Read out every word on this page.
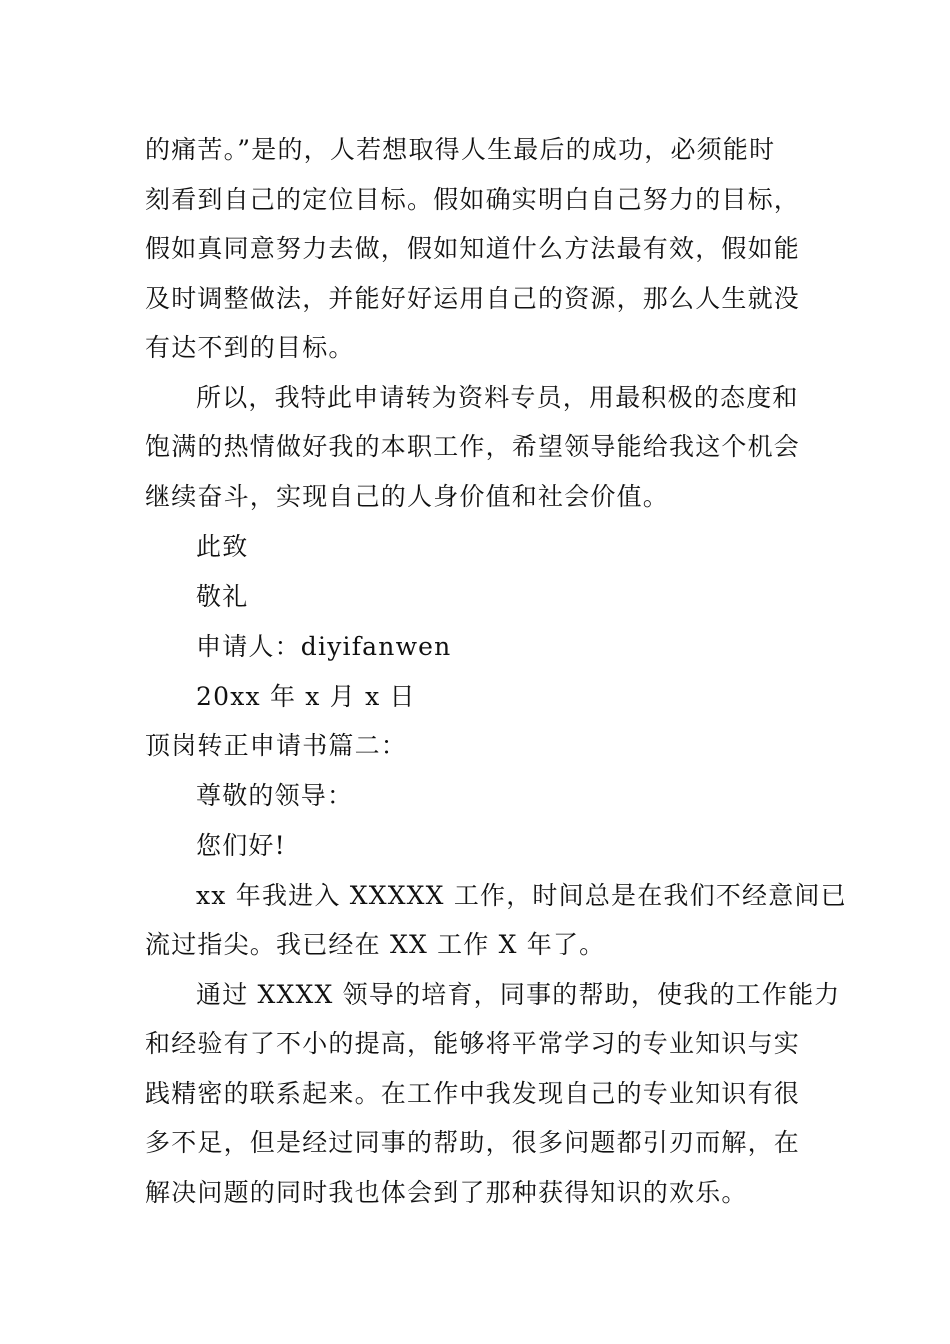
的痛苦。”是的，人若想取得人生最后的成功，必须能时
刻看到自己的定位目标。假如确实明白自己努力的目标，
假如真同意努力去做，假如知道什么方法最有效，假如能
及时调整做法，并能好好运用自己的资源，那么人生就没
有达不到的目标。
所以，我特此申请转为资料专员，用最积极的态度和
饱满的热情做好我的本职工作，希望领导能给我这个机会
继续奋斗，实现自己的人身价值和社会价值。
此致
敬礼
申请人：diyifanwen
20xx 年 x 月 x 日
顶岗转正申请书篇二：
尊敬的领导：
您们好!
xx 年我进入 XXXXX 工作，时间总是在我们不经意间已
流过指尖。我已经在 XX 工作 X 年了。
通过 XXXX 领导的培育，同事的帮助，使我的工作能力
和经验有了不小的提高，能够将平常学习的专业知识与实
践精密的联系起来。在工作中我发现自己的专业知识有很
多不足，但是经过同事的帮助，很多问题都引刃而解，在
解决问题的同时我也体会到了那种获得知识的欢乐。
